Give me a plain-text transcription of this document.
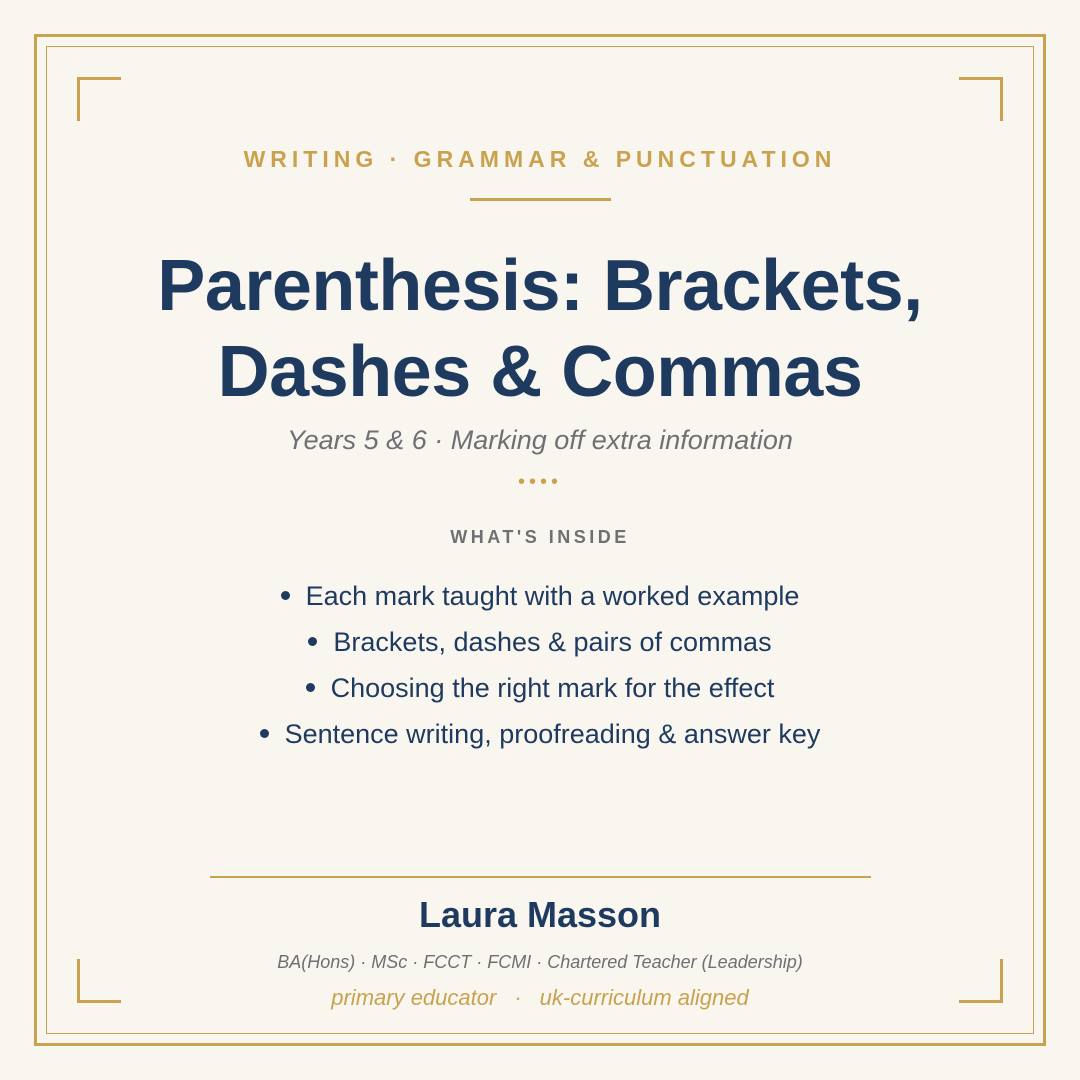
WRITING · GRAMMAR & PUNCTUATION
Parenthesis: Brackets,
Dashes & Commas
Years 5 & 6 · Marking off extra information
••••
WHAT'S INSIDE
Each mark taught with a worked example
Brackets, dashes & pairs of commas
Choosing the right mark for the effect
Sentence writing, proofreading & answer key
Laura Masson
BA(Hons) · MSc · FCCT · FCMI · Chartered Teacher (Leadership)
primary educator · uk-curriculum aligned
